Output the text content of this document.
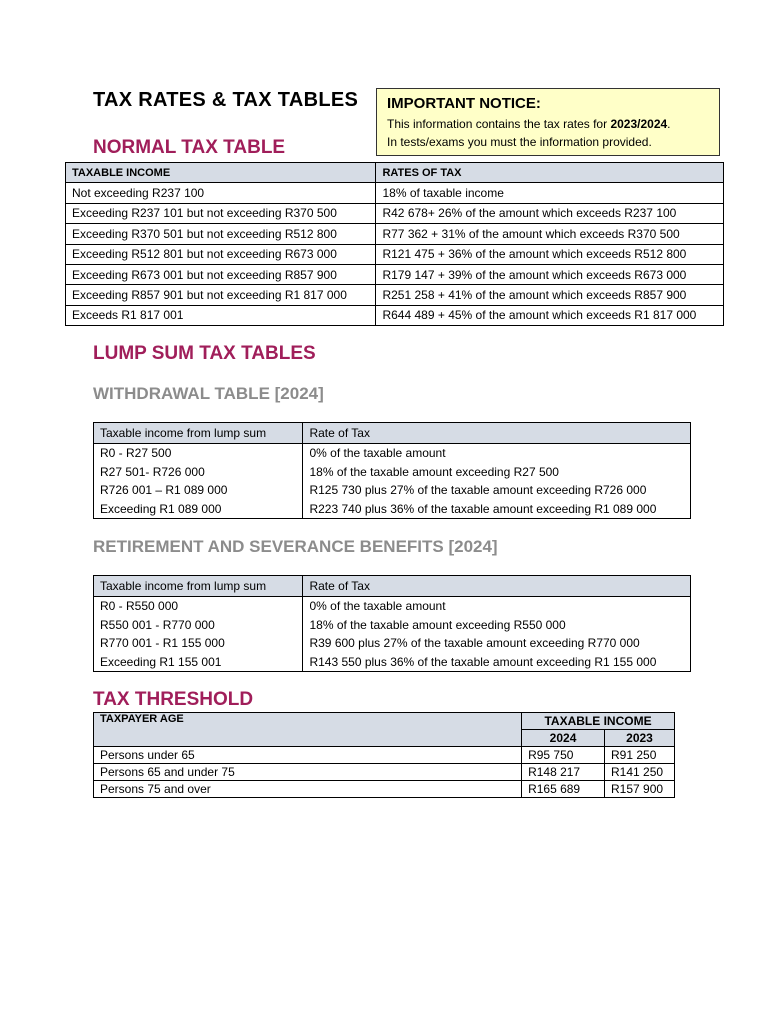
TAX RATES & TAX TABLES IMPORTANT NOTICE:
This information contains the tax rates for 2023/2024.
In tests/exams you must the information provided.
NORMAL TAX TABLE
TAXABLE INCOME	RATES OF TAX
Not exceeding R237 100	18% of taxable income
Exceeding R237 101 but not exceeding R370 500	R42 678+ 26% of the amount which exceeds R237 100
Exceeding R370 501 but not exceeding R512 800	R77 362 + 31% of the amount which exceeds R370 500
Exceeding R512 801 but not exceeding R673 000	R121 475 + 36% of the amount which exceeds R512 800
Exceeding R673 001 but not exceeding R857 900	R179 147 + 39% of the amount which exceeds R673 000
Exceeding R857 901 but not exceeding R1 817 000	R251 258 + 41% of the amount which exceeds R857 900
Exceeds R1 817 001	R644 489 + 45% of the amount which exceeds R1 817 000
LUMP SUM TAX TABLES
WITHDRAWAL TABLE [2024]
Taxable income from lump sum	Rate of Tax
R0 - R27 500	0% of the taxable amount
R27 501- R726 000	18% of the taxable amount exceeding R27 500
R726 001 – R1 089 000	R125 730 plus 27% of the taxable amount exceeding R726 000
Exceeding R1 089 000	R223 740 plus 36% of the taxable amount exceeding R1 089 000
RETIREMENT AND SEVERANCE BENEFITS [2024]
Taxable income from lump sum	Rate of Tax
R0 - R550 000	0% of the taxable amount
R550 001 - R770 000	18% of the taxable amount exceeding R550 000
R770 001 - R1 155 000	R39 600 plus 27% of the taxable amount exceeding R770 000
Exceeding R1 155 001	R143 550 plus 36% of the taxable amount exceeding R1 155 000
TAX THRESHOLD
TAXPAYER AGE	TAXABLE INCOME	
	2024	2023
Persons under 65	R95 750	R91 250
Persons 65 and under 75	R148 217	R141 250
Persons 75 and over	R165 689	R157 900
